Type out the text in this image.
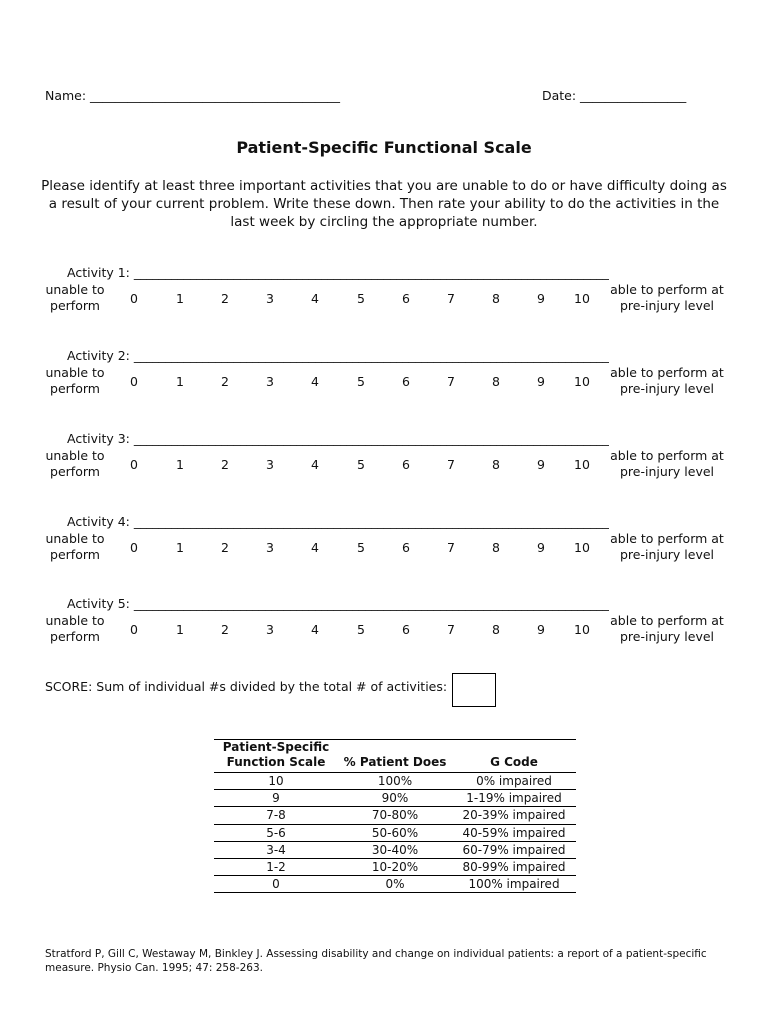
Name: ________________________________________	Date: _________________
Patient-Specific Functional Scale
Please identify at least three important activities that you are unable to do or have difficulty doing as a result of your current problem. Write these down. Then rate your ability to do the activities in the last week by circling the appropriate number.
Activity 1: ____________________________________________________________________________
unable to perform	0	1	2	3	4	5	6	7	8	9	10
able to perform at pre-injury level
Activity 2: ____________________________________________________________________________
unable to perform	0	1	2	3	4	5	6	7	8	9	10
able to perform at pre-injury level
Activity 3: ____________________________________________________________________________
unable to perform	0	1	2	3	4	5	6	7	8	9	10
able to perform at pre-injury level
Activity 4: ____________________________________________________________________________
unable to perform	0	1	2	3	4	5	6	7	8	9	10
able to perform at pre-injury level
Activity 5: ____________________________________________________________________________
unable to perform	0	1	2	3	4	5	6	7	8	9	10
able to perform at pre-injury level
SCORE: Sum of individual #s divided by the total # of activities:
Patient-Specific Function Scale	% Patient Does	G Code
10	100%	0% impaired
9	90%	1-19% impaired
7-8	70-80%	20-39% impaired
5-6	50-60%	40-59% impaired
3-4	30-40%	60-79% impaired
1-2	10-20%	80-99% impaired
0	0%	100% impaired
Stratford P, Gill C, Westaway M, Binkley J. Assessing disability and change on individual patients: a report of a patient-specific measure. Physio Can. 1995; 47: 258-263.
